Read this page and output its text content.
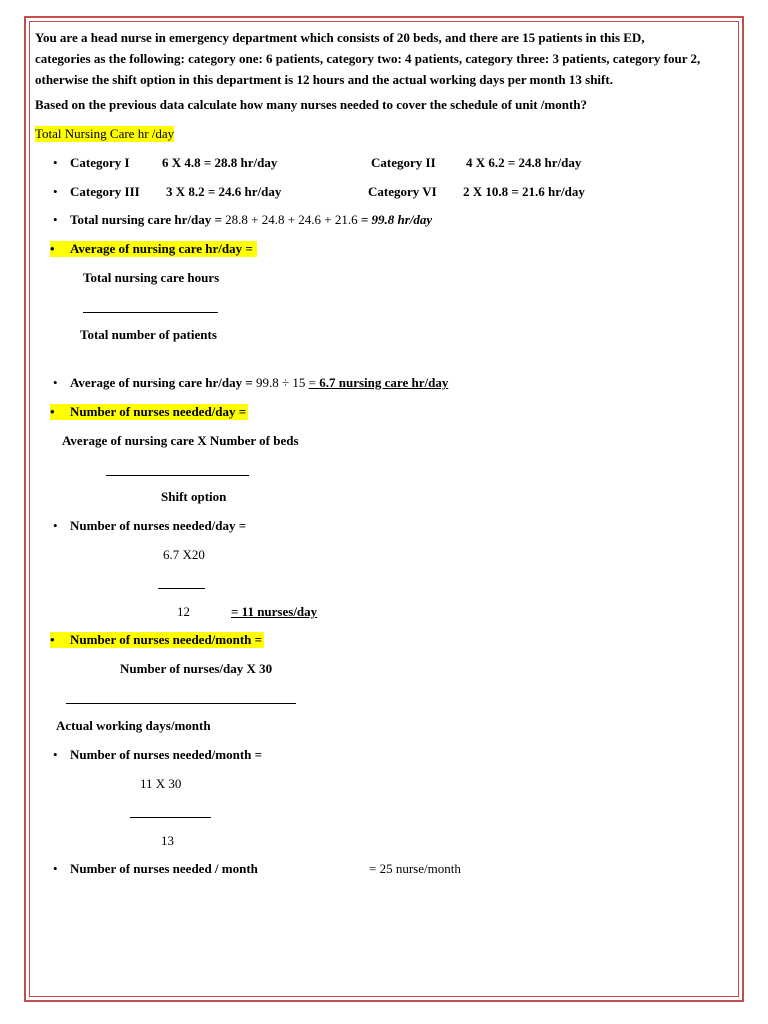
You are a head nurse in emergency department which consists of 20 beds, and there are 15 patients in this ED,
categories as the following: category one: 6 patients, category two: 4 patients, category three: 3 patients, category four 2,
otherwise the shift option in this department is 12 hours and the actual working days per month 13 shift.
Based on the previous data calculate how many nurses needed to cover the schedule of unit /month?
Total Nursing Care hr /day
• Category I 6 X 4.8 = 28.8 hr/day	Category II 4 X 6.2 = 24.8 hr/day
• Category III 3 X 8.2 = 24.6 hr/day	Category VI 2 X 10.8 = 21.6 hr/day
• Total nursing care hr/day = 28.8 + 24.8 + 24.6 + 21.6 = 99.8 hr/day
• Average of nursing care hr/day =
Total nursing care hours
Total number of patients
• Average of nursing care hr/day = 99.8 ÷ 15 = 6.7 nursing care hr/day
• Number of nurses needed/day =
Average of nursing care X Number of beds
Shift option
• Number of nurses needed/day =
6.7 X20
12	= 11 nurses/day
• Number of nurses needed/month =
Number of nurses/day X 30
Actual working days/month
• Number of nurses needed/month =
11 X 30
13
• Number of nurses needed / month	= 25 nurse/month
